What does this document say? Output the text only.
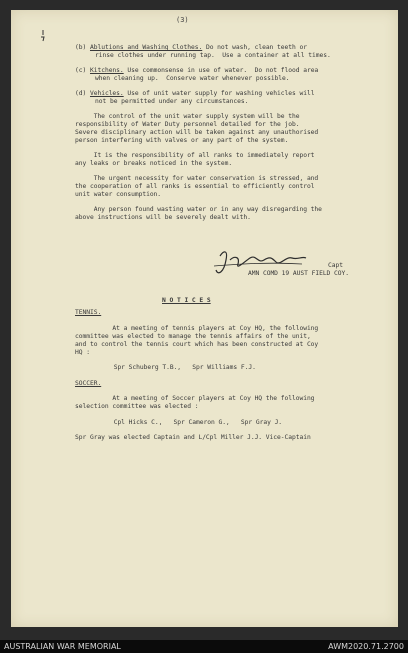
(3)
(b) Ablutions and Washing Clothes. Do not wash, clean teeth or
rinse clothes under running tap.  Use a container at all times.
(c) Kitchens. Use commonsense in use of water.  Do not flood area
when cleaning up.  Conserve water whenever possible.
(d) Vehicles. Use of unit water supply for washing vehicles will
not be permitted under any circumstances.
The control of the unit water supply system will be the
responsibility of Water Duty personnel detailed for the job.
Severe disciplinary action will be taken against any unauthorised
person interfering with valves or any part of the system.
It is the responsibility of all ranks to immediately report
any leaks or breaks noticed in the system.
The urgent necessity for water conservation is stressed, and
the cooperation of all ranks is essential to efficiently control
unit water consumption.
Any person found wasting water or in any way disregarding the
above instructions will be severely dealt with.
Capt
AMN COMD 19 AUST FIELD COY.
N O T I C E S
TENNIS.
At a meeting of tennis players at Coy HQ, the following
committee was elected to manage the tennis affairs of the unit,
and to control the tennis court which has been constructed at Coy
HQ :
Spr Schuberg T.B.,   Spr Williams F.J.
SOCCER.
At a meeting of Soccer players at Coy HQ the following
selection committee was elected :
Cpl Hicks C.,   Spr Cameron G.,   Spr Gray J.
Spr Gray was elected Captain and L/Cpl Miller J.J. Vice-Captain
AUSTRALIAN WAR MEMORIAL	AWM2020.71.2700
